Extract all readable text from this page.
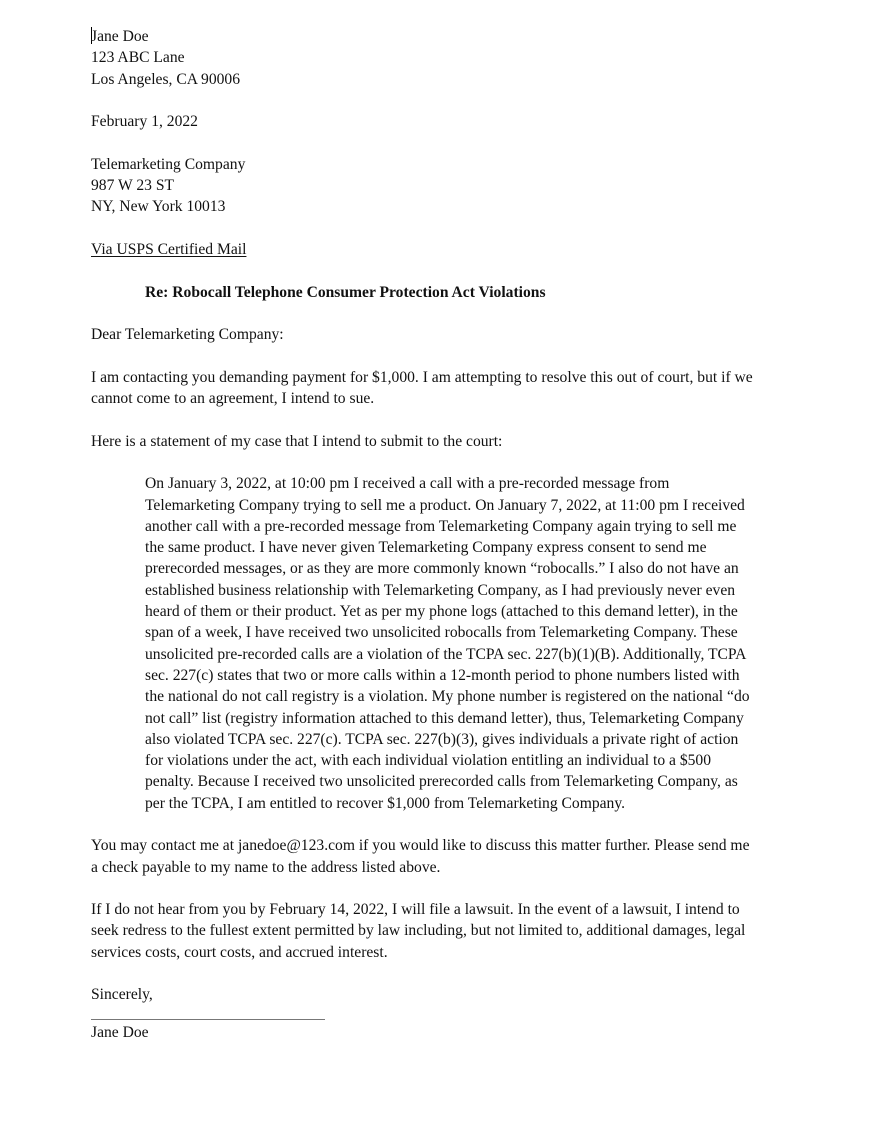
Jane Doe
123 ABC Lane
Los Angeles, CA 90006
February 1, 2022
Telemarketing Company
987 W 23 ST
NY, New York 10013
Via USPS Certified Mail
Re: Robocall Telephone Consumer Protection Act Violations
Dear Telemarketing Company:
I am contacting you demanding payment for $1,000. I am attempting to resolve this out of court, but if we
cannot come to an agreement, I intend to sue.
Here is a statement of my case that I intend to submit to the court:
On January 3, 2022, at 10:00 pm I received a call with a pre-recorded message from
Telemarketing Company trying to sell me a product. On January 7, 2022, at 11:00 pm I received
another call with a pre-recorded message from Telemarketing Company again trying to sell me
the same product. I have never given Telemarketing Company express consent to send me
prerecorded messages, or as they are more commonly known “robocalls.” I also do not have an
established business relationship with Telemarketing Company, as I had previously never even
heard of them or their product. Yet as per my phone logs (attached to this demand letter), in the
span of a week, I have received two unsolicited robocalls from Telemarketing Company. These
unsolicited pre-recorded calls are a violation of the TCPA sec. 227(b)(1)(B). Additionally, TCPA
sec. 227(c) states that two or more calls within a 12-month period to phone numbers listed with
the national do not call registry is a violation. My phone number is registered on the national “do
not call” list (registry information attached to this demand letter), thus, Telemarketing Company
also violated TCPA sec. 227(c). TCPA sec. 227(b)(3), gives individuals a private right of action
for violations under the act, with each individual violation entitling an individual to a $500
penalty. Because I received two unsolicited prerecorded calls from Telemarketing Company, as
per the TCPA, I am entitled to recover $1,000 from Telemarketing Company.
You may contact me at janedoe@123.com if you would like to discuss this matter further. Please send me
a check payable to my name to the address listed above.
If I do not hear from you by February 14, 2022, I will file a lawsuit. In the event of a lawsuit, I intend to
seek redress to the fullest extent permitted by law including, but not limited to, additional damages, legal
services costs, court costs, and accrued interest.
Sincerely,
Jane Doe
